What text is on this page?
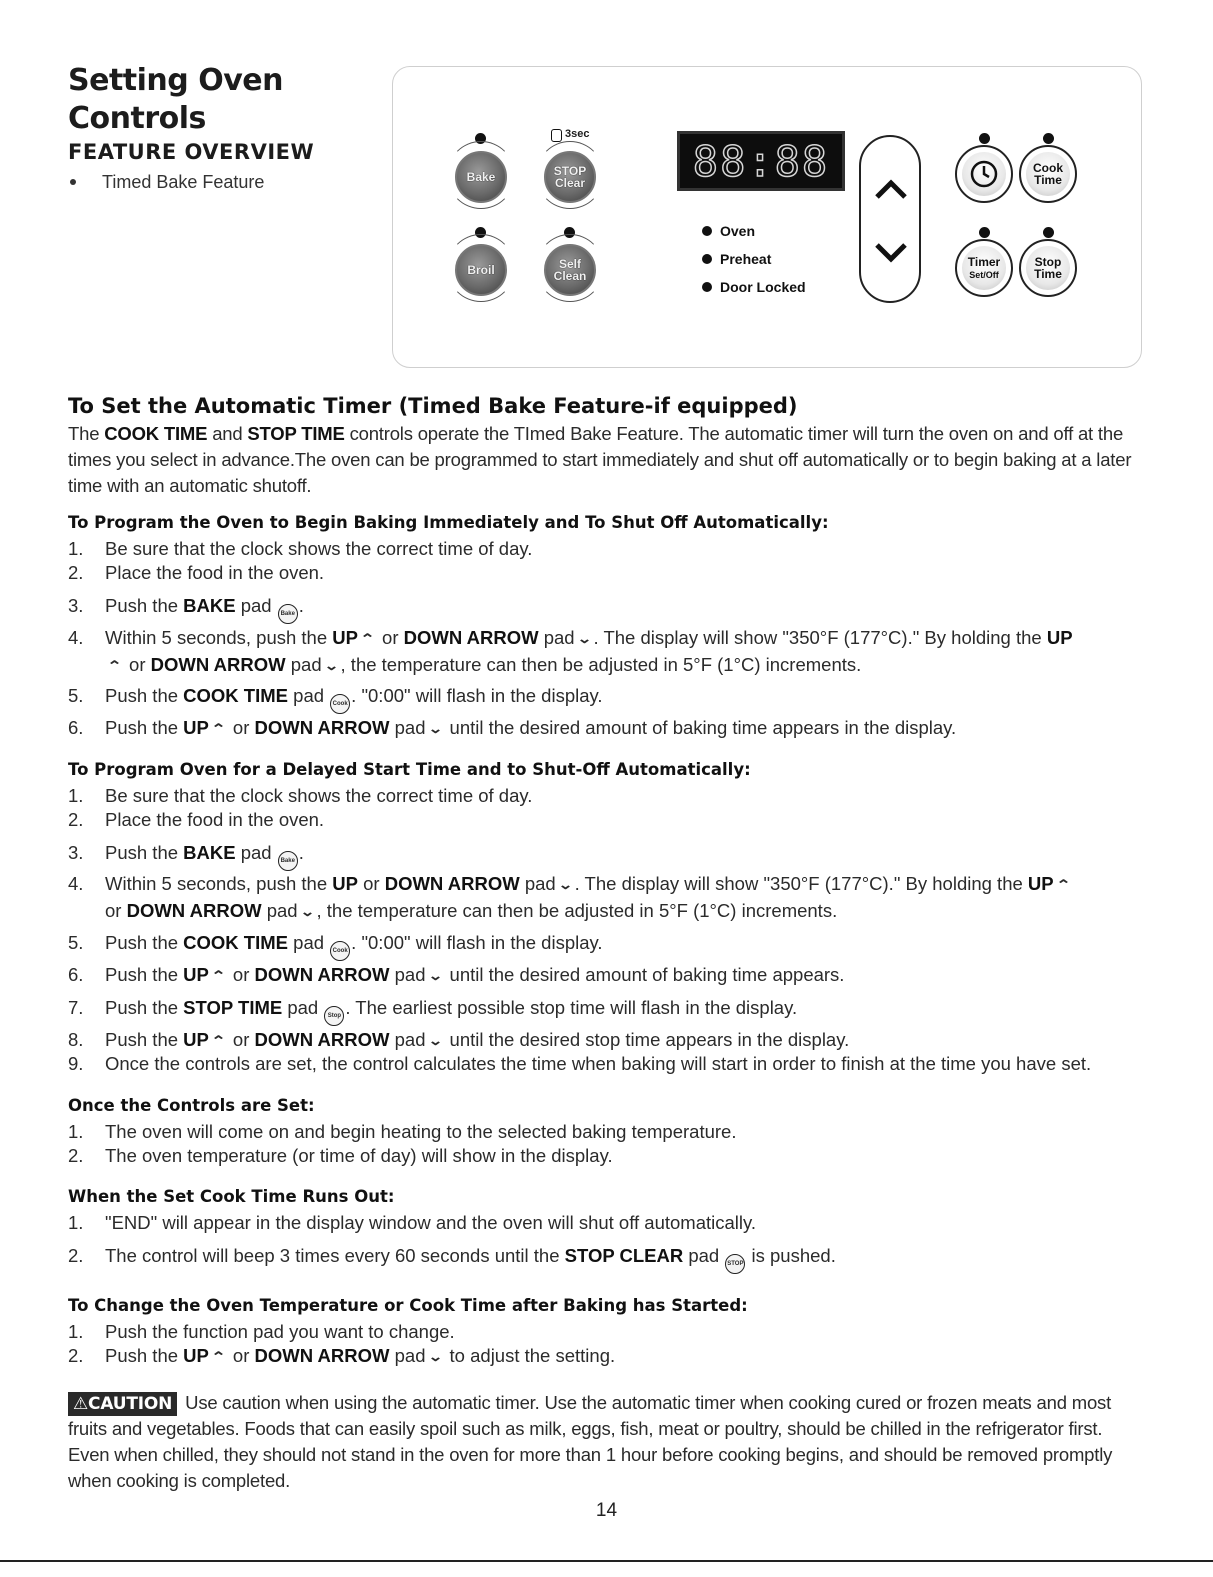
Setting Oven
Controls
FEATURE OVERVIEW
Timed Bake Feature	Bake
3sec
STOP
Clear
Broil	Self
Clean
88:88
Oven
Preheat
Door Locked
Cook
Time
Timer
Set/Off
Stop
Time
To Set the Automatic Timer (Timed Bake Feature-if equipped)
The COOK TIME and STOP TIME controls operate the TImed Bake Feature. The automatic timer will turn the oven on and off at the times you select in advance.The oven can be programmed to start immediately and shut off automatically or to begin baking at a later time with an automatic shutoff.
To Program the Oven to Begin Baking Immediately and To Shut Off Automatically:
1.	Be sure that the clock shows the correct time of day.
2.	Place the food in the oven.
3.	Push the BAKE pad Bake .
4.	Within 5 seconds, push the UP ⌃ or DOWN ARROW pad ⌄. The display will show "350°F (177°C)." By holding the UP
⌃ or DOWN ARROW pad ⌄, the temperature can then be adjusted in 5°F (1°C) increments.
5.	Push the COOK TIME pad Cook . "0:00" will flash in the display.
6.	Push the UP ⌃ or DOWN ARROW pad ⌄ until the desired amount of baking time appears in the display.
To Program Oven for a Delayed Start Time and to Shut-Off Automatically:
1.	Be sure that the clock shows the correct time of day.
2.	Place the food in the oven.
3.	Push the BAKE pad Bake .
4.	Within 5 seconds, push the UP or DOWN ARROW pad ⌄. The display will show "350°F (177°C)." By holding the UP ⌃
or DOWN ARROW pad ⌄, the temperature can then be adjusted in 5°F (1°C) increments.
5.	Push the COOK TIME pad Cook . "0:00" will flash in the display.
6.	Push the UP ⌃ or DOWN ARROW pad ⌄ until the desired amount of baking time appears.
7.	Push the STOP TIME pad Stop . The earliest possible stop time will flash in the display.
8.	Push the UP ⌃ or DOWN ARROW pad ⌄ until the desired stop time appears in the display.
9.	Once the controls are set, the control calculates the time when baking will start in order to finish at the time you have set.
Once the Controls are Set:
1.	The oven will come on and begin heating to the selected baking temperature.
2.	The oven temperature (or time of day) will show in the display.
When the Set Cook Time Runs Out:
1.	"END" will appear in the display window and the oven will shut off automatically.
2.	The control will beep 3 times every 60 seconds until the STOP CLEAR pad STOP is pushed.
To Change the Oven Temperature or Cook Time after Baking has Started:
1.	Push the function pad you want to change.
2.	Push the UP ⌃ or DOWN ARROW pad ⌄ to adjust the setting.
⚠CAUTION Use caution when using the automatic timer. Use the automatic timer when cooking cured or frozen meats and most fruits and vegetables. Foods that can easily spoil such as milk, eggs, fish, meat or poultry, should be chilled in the refrigerator first. Even when chilled, they should not stand in the oven for more than 1 hour before cooking begins, and should be removed promptly when cooking is completed.
14
